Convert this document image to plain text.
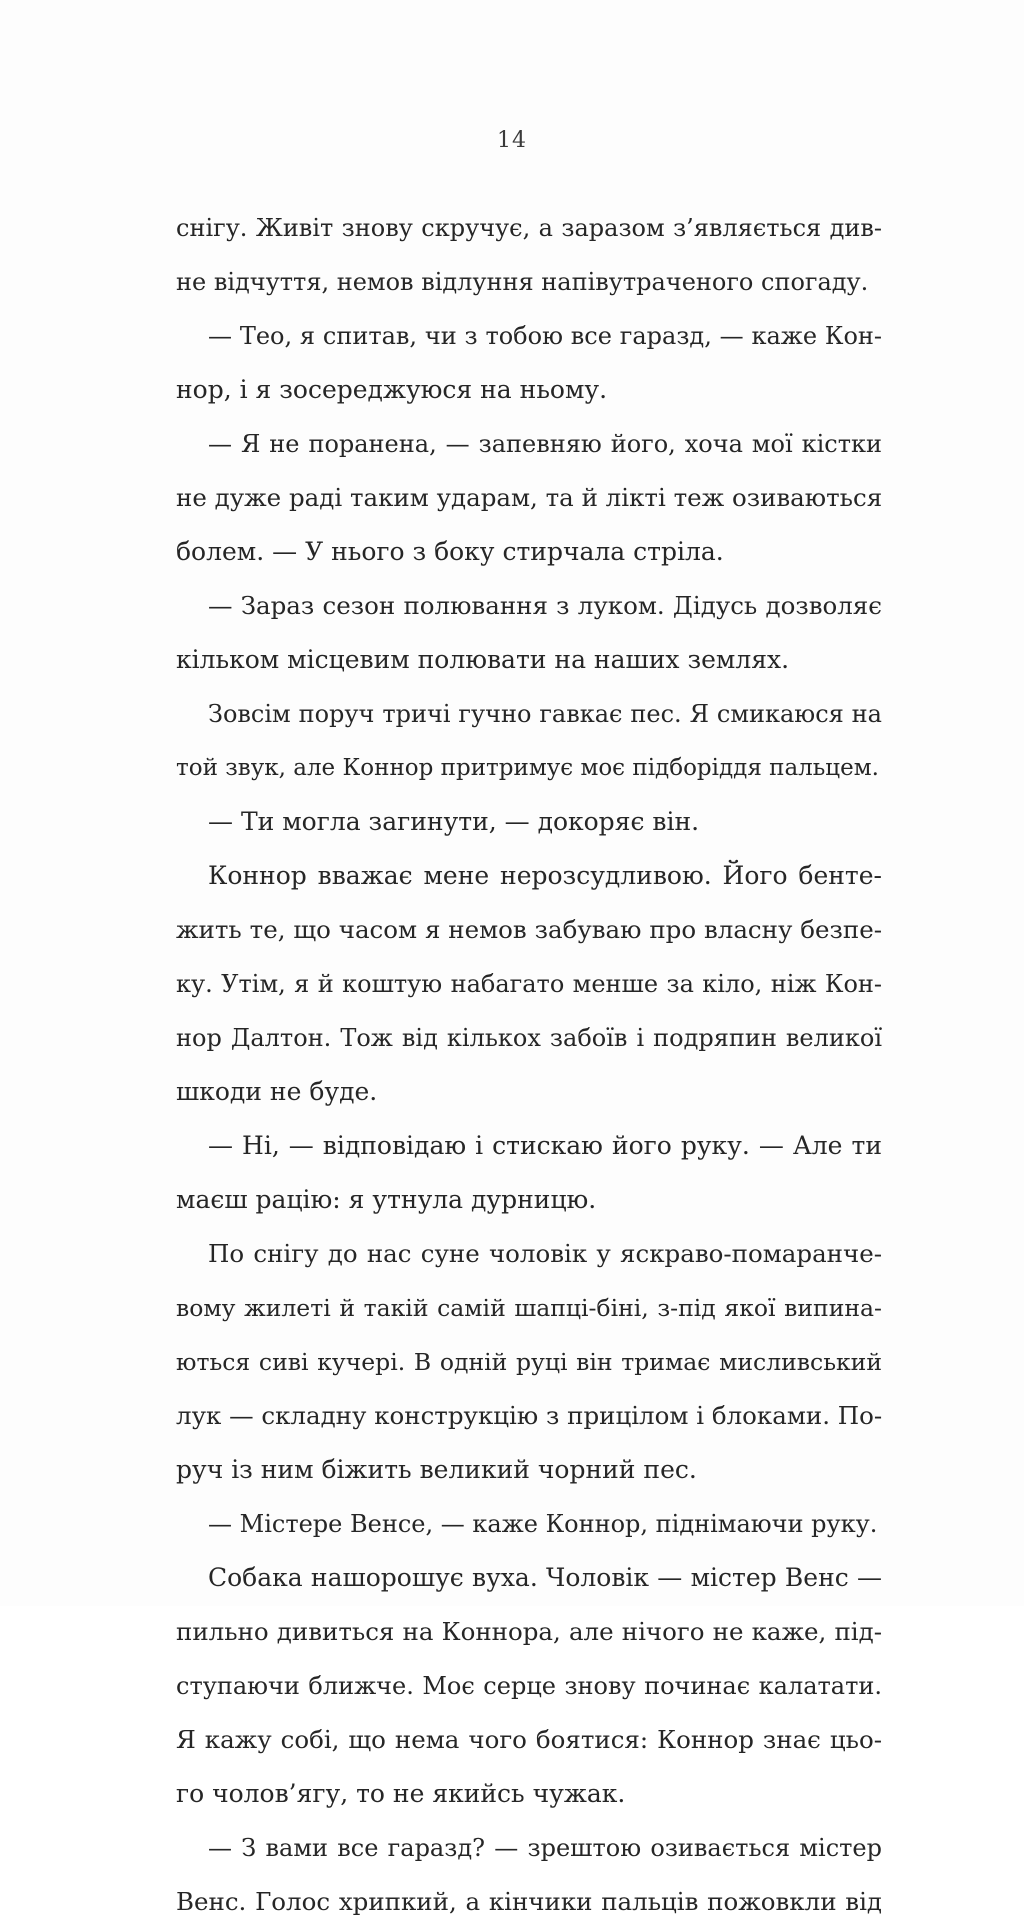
14
снігу. Живіт знову скручує, а заразом з’являється див-
не відчуття, немов відлуння напівутраченого спогаду.
— Тео, я спитав, чи з тобою все гаразд, — каже Кон-
нор, і я зосереджуюся на ньому.
— Я не поранена, — запевняю його, хоча мої кістки
не дуже раді таким ударам, та й лікті теж озиваються
болем. — У нього з боку стирчала стріла.
— Зараз сезон полювання з луком. Дідусь дозволяє
кільком місцевим полювати на наших землях.
Зовсім поруч тричі гучно гавкає пес. Я смикаюся на
той звук, але Коннор притримує моє підборіддя пальцем.
— Ти могла загинути, — докоряє він.
Коннор вважає мене нерозсудливою. Його бенте-
жить те, що часом я немов забуваю про власну безпе-
ку. Утім, я й коштую набагато менше за кіло, ніж Кон-
нор Далтон. Тож від кількох забоїв і подряпин великої
шкоди не буде.
— Ні, — відповідаю і стискаю його руку. — Але ти
маєш рацію: я утнула дурницю.
По снігу до нас суне чоловік у яскраво-помаранче-
вому жилеті й такій самій шапці-біні, з-під якої випина-
ються сиві кучері. В одній руці він тримає мисливський
лук — складну конструкцію з прицілом і блоками. По-
руч із ним біжить великий чорний пес.
— Містере Венсе, — каже Коннор, піднімаючи руку.
Собака нашорошує вуха. Чоловік — містер Венс —
пильно дивиться на Коннора, але нічого не каже, під-
ступаючи ближче. Моє серце знову починає калатати.
Я кажу собі, що нема чого боятися: Коннор знає цьо-
го чолов’ягу, то не якийсь чужак.
— З вами все гаразд? — зрештою озивається містер
Венс. Голос хрипкий, а кінчики пальців пожовкли від
